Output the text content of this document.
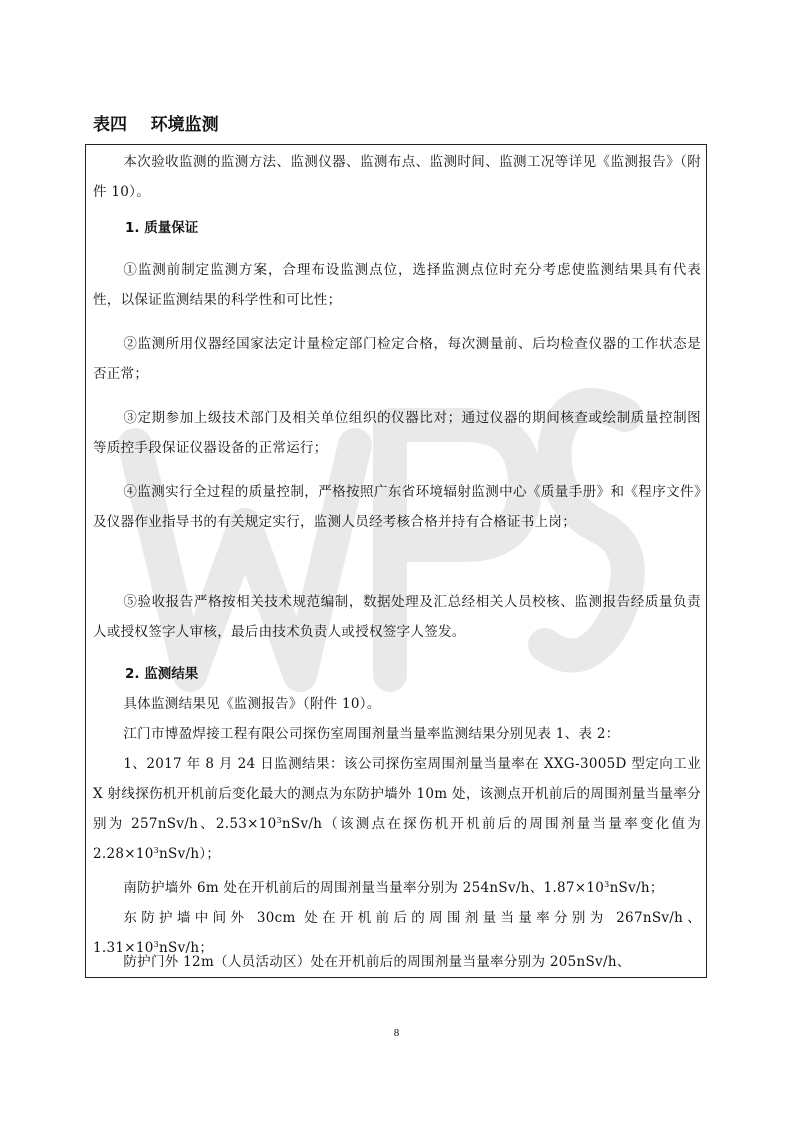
表四    环境监测

本次验收监测的监测方法、监测仪器、监测布点、监测时间、监测工况等详见《监测报告》（附件 10）。

1. 质量保证

①监测前制定监测方案，合理布设监测点位，选择监测点位时充分考虑使监测结果具有代表性，以保证监测结果的科学性和可比性；

②监测所用仪器经国家法定计量检定部门检定合格，每次测量前、后均检查仪器的工作状态是否正常；

③定期参加上级技术部门及相关单位组织的仪器比对；通过仪器的期间核查或绘制质量控制图等质控手段保证仪器设备的正常运行；

④监测实行全过程的质量控制，严格按照广东省环境辐射监测中心《质量手册》和《程序文件》及仪器作业指导书的有关规定实行，监测人员经考核合格并持有合格证书上岗；

⑤验收报告严格按相关技术规范编制，数据处理及汇总经相关人员校核、监测报告经质量负责人或授权签字人审核，最后由技术负责人或授权签字人签发。

2. 监测结果

具体监测结果见《监测报告》（附件 10）。

江门市博盈焊接工程有限公司探伤室周围剂量当量率监测结果分别见表 1、表 2：

1、2017 年 8 月 24 日监测结果：该公司探伤室周围剂量当量率在 XXG-3005D 型定向工业 X 射线探伤机开机前后变化最大的测点为东防护墙外 10m 处，该测点开机前后的周围剂量当量率分别为 257nSv/h、$2.53\times 10^3nSv/h$（该测点在探伤机开机前后的周围剂量当量率变化值为 $2.28\times 10^3nSv/h$）；

南防护墙外 6m 处在开机前后的周围剂量当量率分别为 254nSv/h、$1.87\times 10^3nSv/h$；

东防护墙中间外 30cm 处在开机前后的周围剂量当量率分别为 267nSv/h、$1.31\times 10^3nSv/h$；

防护门外 12m（人员活动区）处在开机前后的周围剂量当量率分别为 205nSv/h、

8
